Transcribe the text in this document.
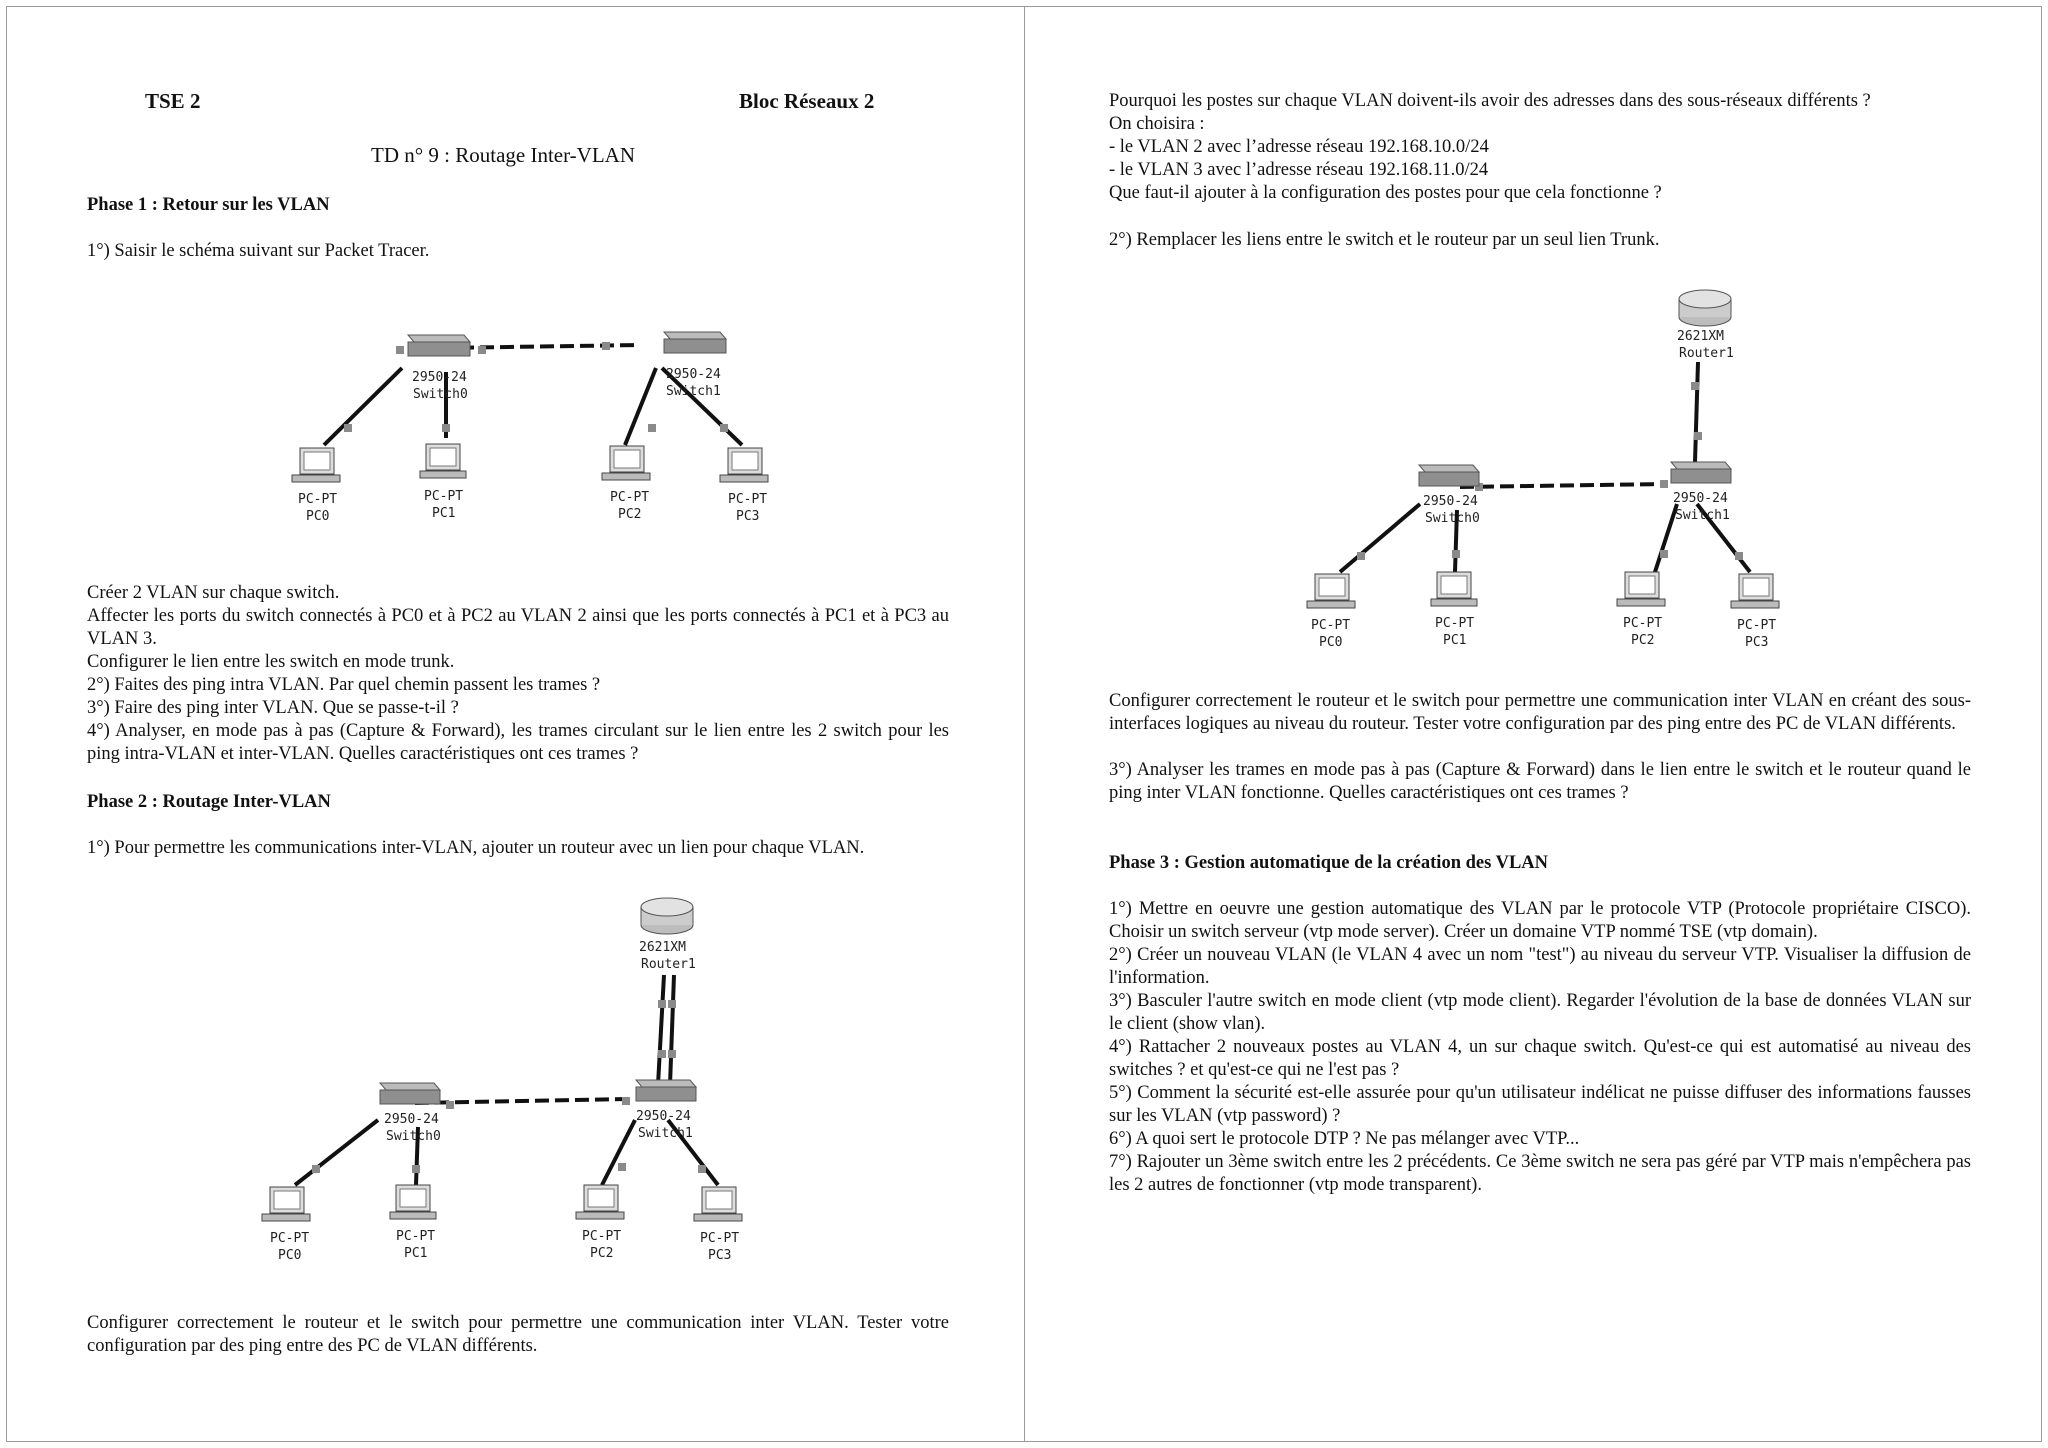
TSE 2	Bloc Réseaux 2
TD n° 9 : Routage Inter-VLAN
Phase 1 : Retour sur les VLAN
1°) Saisir le schéma suivant sur Packet Tracer.
2950-24
Switch0
2950-24
Switch1
PC-PT
PC0
PC-PT
PC1
PC-PT
PC2
PC-PT
PC3
Créer 2 VLAN sur chaque switch.
Affecter les ports du switch connectés à PC0 et à PC2 au VLAN 2 ainsi que les ports connectés à PC1 et à PC3 au VLAN 3.
Configurer le lien entre les switch en mode trunk.
2°) Faites des ping intra VLAN. Par quel chemin passent les trames ?
3°) Faire des ping inter VLAN. Que se passe-t-il ?
4°) Analyser, en mode pas à pas (Capture & Forward), les trames circulant sur le lien entre les 2 switch pour les ping intra-VLAN et inter-VLAN. Quelles caractéristiques ont ces trames ?
Phase 2 : Routage Inter-VLAN
1°) Pour permettre les communications inter-VLAN, ajouter un routeur avec un lien pour chaque VLAN.
2621XM
Router1
2950-24
Switch0
2950-24
Switch1
PC-PT
PC0
PC-PT
PC1
PC-PT
PC2
PC-PT
PC3
Configurer correctement le routeur et le switch pour permettre une communication inter VLAN. Tester votre configuration par des ping entre des PC de VLAN différents.
Pourquoi les postes sur chaque VLAN doivent-ils avoir des adresses dans des sous-réseaux différents ?
On choisira :
- le VLAN 2 avec l’adresse réseau 192.168.10.0/24
- le VLAN 3 avec l’adresse réseau 192.168.11.0/24
Que faut-il ajouter à la configuration des postes pour que cela fonctionne ?
2°) Remplacer les liens entre le switch et le routeur par un seul lien Trunk.
2621XM
Router1
2950-24
Switch0
2950-24
Switch1
PC-PT
PC0
PC-PT
PC1
PC-PT
PC2
PC-PT
PC3
Configurer correctement le routeur et le switch pour permettre une communication inter VLAN en créant des sous-interfaces logiques au niveau du routeur. Tester votre configuration par des ping entre des PC de VLAN différents.
3°) Analyser les trames en mode pas à pas (Capture & Forward) dans le lien entre le switch et le routeur quand le ping inter VLAN fonctionne. Quelles caractéristiques ont ces trames ?
Phase 3 : Gestion automatique de la création des VLAN
1°) Mettre en oeuvre une gestion automatique des VLAN par le protocole VTP (Protocole propriétaire CISCO). Choisir un switch serveur (vtp mode server). Créer un domaine VTP nommé TSE (vtp domain).
2°) Créer un nouveau VLAN (le VLAN 4 avec un nom "test") au niveau du serveur VTP. Visualiser la diffusion de l'information.
3°) Basculer l'autre switch en mode client (vtp mode client). Regarder l'évolution de la base de données VLAN sur le client (show vlan).
4°) Rattacher 2 nouveaux postes au VLAN 4, un sur chaque switch. Qu'est-ce qui est automatisé au niveau des switches ? et qu'est-ce qui ne l'est pas ?
5°) Comment la sécurité est-elle assurée pour qu'un utilisateur indélicat ne puisse diffuser des informations fausses sur les VLAN (vtp password) ?
6°) A quoi sert le protocole DTP ? Ne pas mélanger avec VTP...
7°) Rajouter un 3ème switch entre les 2 précédents. Ce 3ème switch ne sera pas géré par VTP mais n'empêchera pas les 2 autres de fonctionner (vtp mode transparent).
